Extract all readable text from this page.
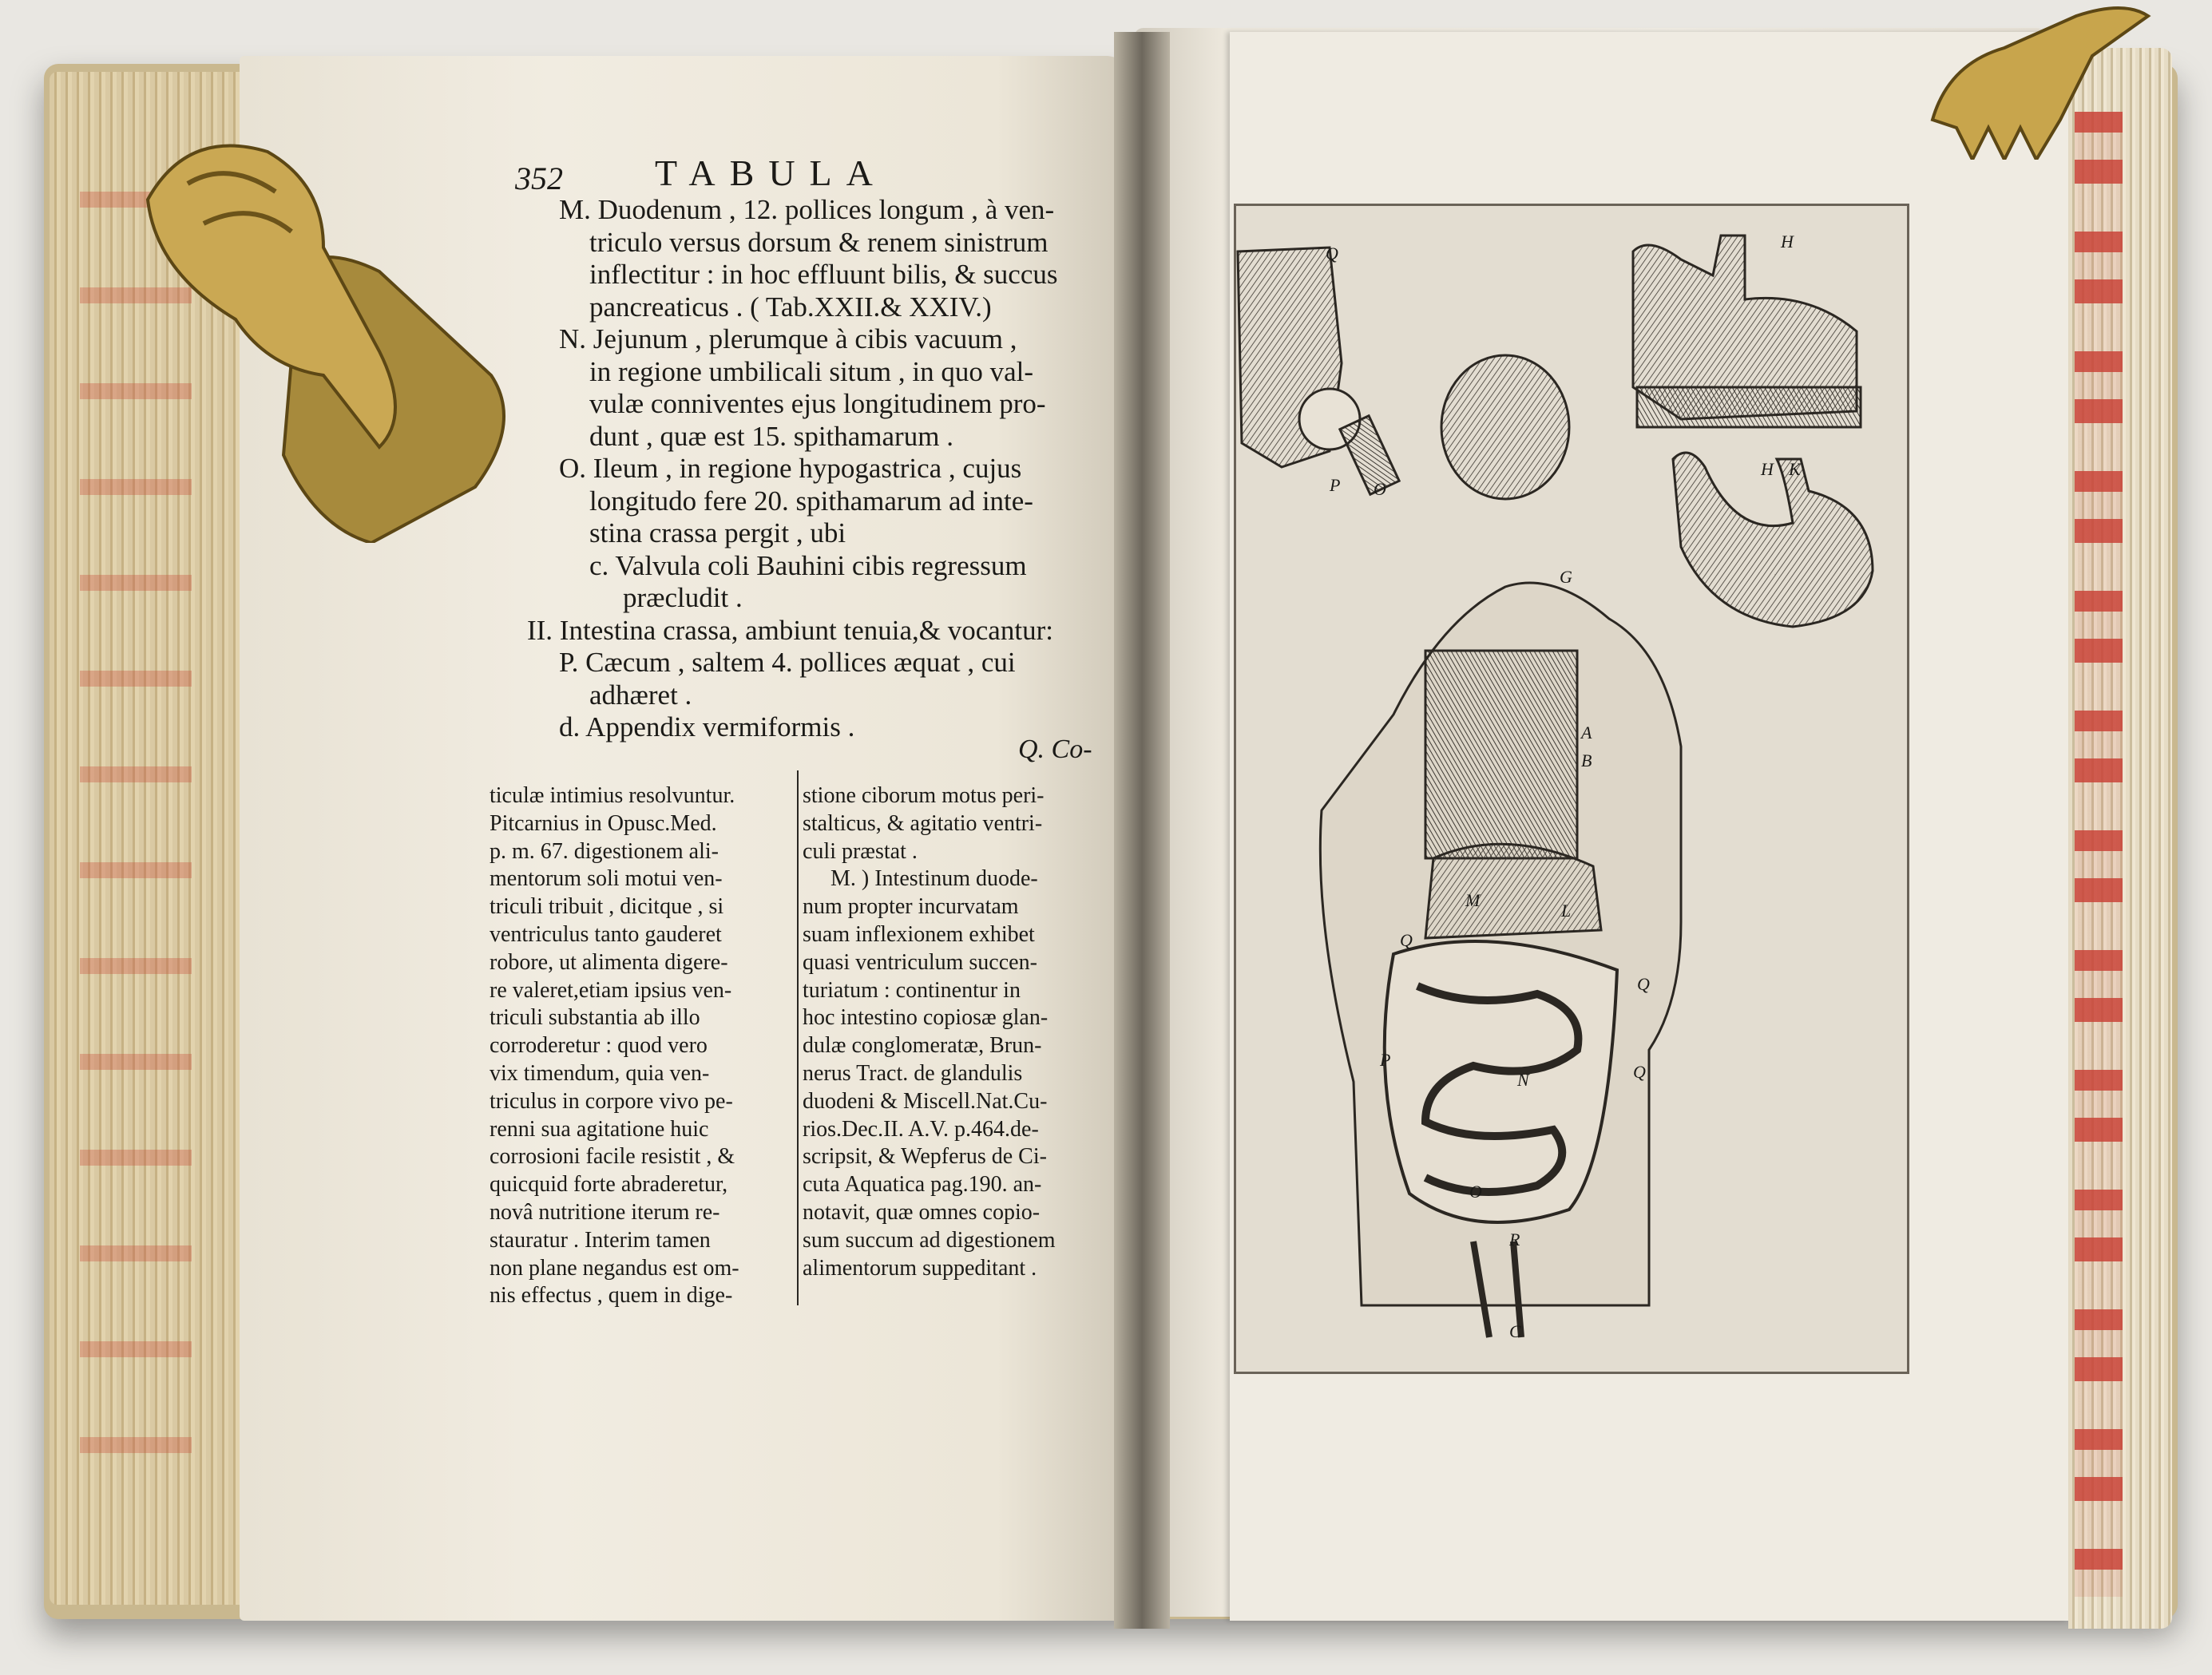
352	TABULA
M. Duodenum , 12. pollices longum , à ven-
triculo versus dorsum & renem sinistrum
inflectitur : in hoc effluunt bilis, & succus
pancreaticus . ( Tab.XXII.& XXIV.)
N. Jejunum , plerumque à cibis vacuum ,
in regione umbilicali situm , in quo val-
vulæ conniventes ejus longitudinem pro-
dunt , quæ est 15. spithamarum .
O. Ileum , in regione hypogastrica , cujus
longitudo fere 20. spithamarum ad inte-
stina crassa pergit , ubi
c. Valvula coli Bauhini cibis regressum
præcludit .
II. Intestina crassa, ambiunt tenuia,& vocantur:
P. Cæcum , saltem 4. pollices æquat , cui
adhæret .
d. Appendix vermiformis .
Q. Co-
ticulæ intimius resolvuntur.
Pitcarnius in Opusc.Med.
p. m. 67. digestionem ali-
mentorum soli motui ven-
triculi tribuit , dicitque , si
ventriculus tanto gauderet
robore, ut alimenta digere-
re valeret,etiam ipsius ven-
triculi substantia ab illo
corroderetur : quod vero
vix timendum, quia ven-
triculus in corpore vivo pe-
renni sua agitatione huic
corrosioni facile resistit , &
quicquid forte abraderetur,
novâ nutritione iterum re-
stauratur . Interim tamen
non plane negandus est om-
nis effectus , quem in dige-
stione ciborum motus peri-
stalticus, & agitatio ventri-
culi præstat .
M. ) Intestinum duode-
num propter incurvatam
suam inflexionem exhibet
quasi ventriculum succen-
turiatum : continentur in
hoc intestino copiosæ glan-
dulæ conglomeratæ, Brun-
nerus Tract. de glandulis
duodeni & Miscell.Nat.Cu-
rios.Dec.II. A.V. p.464.de-
scripsit, & Wepferus de Ci-
cuta Aquatica pag.190. an-
notavit, quæ omnes copio-
sum succum ad digestionem
alimentorum suppeditant .
Q
H
H K
G
A
B
M
L
Q
Q
Q
P
N
O
R
C
P O
